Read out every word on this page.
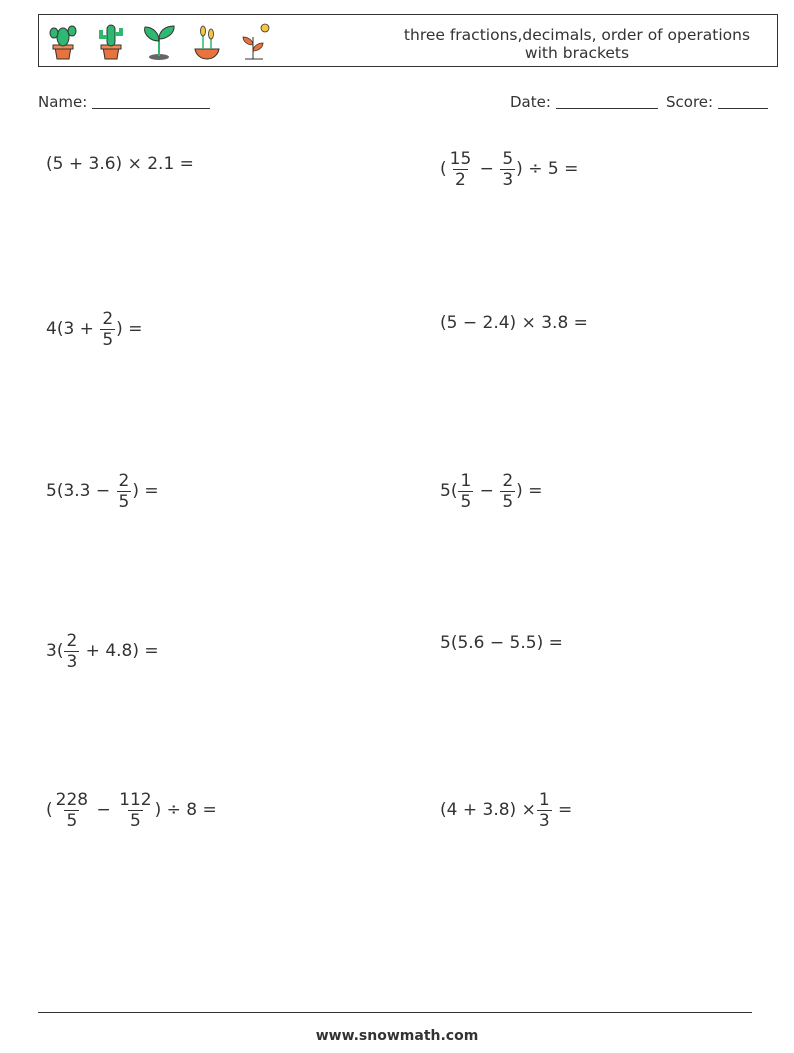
three fractions,decimals, order of operations
with brackets
Name:	Date:	Score:
(5 + 3.6) × 2.1 =	( $\frac{15}{2} - \frac{5}{3}$ ) ÷ 5 =
$4(3 + \frac{2}{5}$ ) =	(5 − 2.4) × 3.8 =
$5(3.3 - \frac{2}{5}$ ) =	$5( \frac{1}{5} - \frac{2}{5}$ ) =
$3( \frac{2}{3} + 4.8)$ =	5(5.6 − 5.5) =
( $\frac{228}{5} - \frac{112}{5}$ ) ÷ 8 =	$(4 + 3.8) \times \frac{1}{3}$ =
www.snowmath.com
